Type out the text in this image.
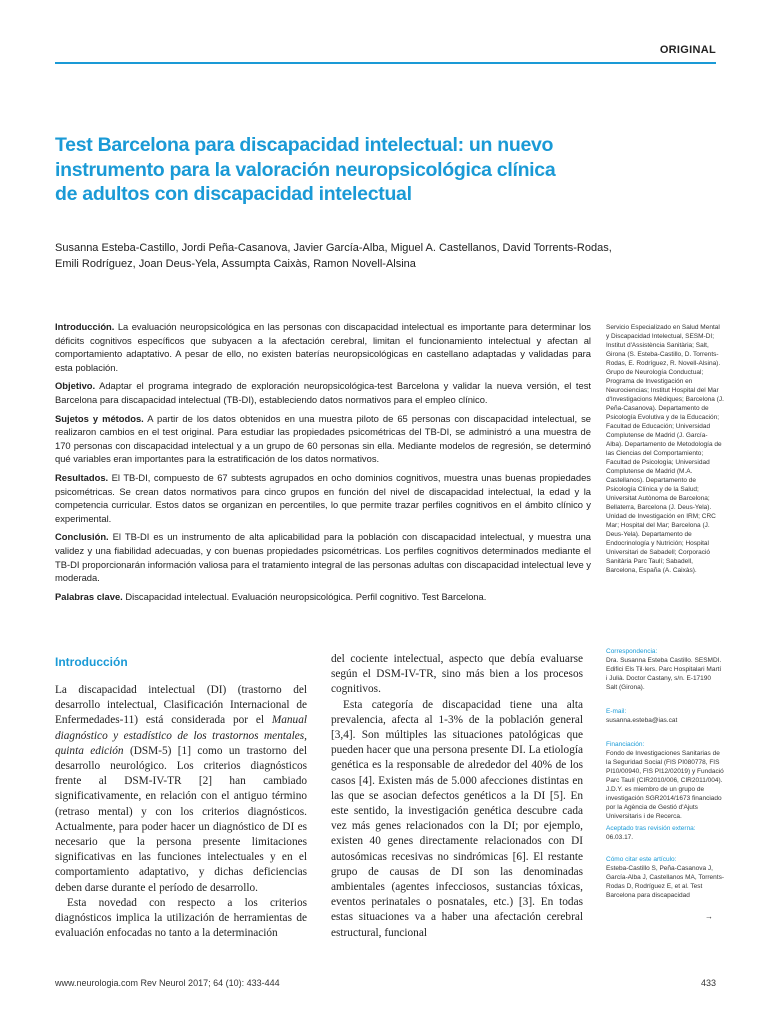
ORIGINAL
Test Barcelona para discapacidad intelectual: un nuevo instrumento para la valoración neuropsicológica clínica de adultos con discapacidad intelectual
Susanna Esteba-Castillo, Jordi Peña-Casanova, Javier García-Alba, Miguel A. Castellanos, David Torrents-Rodas, Emili Rodríguez, Joan Deus-Yela, Assumpta Caixàs, Ramon Novell-Alsina

Introducción. La evaluación neuropsicológica en las personas con discapacidad intelectual es importante para determinar los déficits cognitivos específicos que subyacen a la afectación cerebral, limitan el funcionamiento intelectual y afectan al comportamiento adaptativo. A pesar de ello, no existen baterías neuropsicológicas en castellano adaptadas y validadas para esta población.

Objetivo. Adaptar el programa integrado de exploración neuropsicológica-test Barcelona y validar la nueva versión, el test Barcelona para discapacidad intelectual (TB-DI), estableciendo datos normativos para el empleo clínico.

Sujetos y métodos. A partir de los datos obtenidos en una muestra piloto de 65 personas con discapacidad intelectual, se realizaron cambios en el test original. Para estudiar las propiedades psicométricas del TB-DI, se administró a una muestra de 170 personas con discapacidad intelectual y a un grupo de 60 personas sin ella. Mediante modelos de regresión, se determinó qué variables eran importantes para la estratificación de los datos normativos.

Resultados. El TB-DI, compuesto de 67 subtests agrupados en ocho dominios cognitivos, muestra unas buenas propiedades psicométricas. Se crean datos normativos para cinco grupos en función del nivel de discapacidad intelectual, la edad y la competencia curricular. Estos datos se organizan en percentiles, lo que permite trazar perfiles cognitivos en el ámbito clínico y experimental.

Conclusión. El TB-DI es un instrumento de alta aplicabilidad para la población con discapacidad intelectual, y muestra una validez y una fiabilidad adecuadas, y con buenas propiedades psicométricas. Los perfiles cognitivos determinados mediante el TB-DI proporcionarán información valiosa para el tratamiento integral de las personas adultas con discapacidad intelectual leve y moderada.

Palabras clave. Discapacidad intelectual. Evaluación neuropsicológica. Perfil cognitivo. Test Barcelona.

Servicio Especializado en Salud Mental y Discapacidad Intelectual, SESM-DI; Institut d'Assistència Sanitària; Salt, Girona (S. Esteba-Castillo, D. Torrents-Rodas, E. Rodríguez, R. Novell-Alsina). Grupo de Neurología Conductual; Programa de Investigación en Neurociencias; Institut Hospital del Mar d'Investigacions Mèdiques; Barcelona (J. Peña-Casanova). Departamento de Psicología Evolutiva y de la Educación; Facultad de Educación; Universidad Complutense de Madrid (J. García-Alba). Departamento de Metodología de las Ciencias del Comportamiento; Facultad de Psicología; Universidad Complutense de Madrid (M.A. Castellanos). Departamento de Psicología Clínica y de la Salud; Universitat Autònoma de Barcelona; Bellaterra, Barcelona (J. Deus-Yela). Unidad de Investigación en IRM; CRC Mar; Hospital del Mar; Barcelona (J. Deus-Yela). Departamento de Endocrinología y Nutrición; Hospital Universitari de Sabadell; Corporació Sanitària Parc Taulí; Sabadell, Barcelona, España (A. Caixàs).
Correspondencia:
Dra. Susanna Esteba Castillo. SESMDI. Edifici Els Til·lers. Parc Hospitalari Martí i Julià. Doctor Castany, s/n. E-17190 Salt (Girona).
E-mail:
susanna.esteba@ias.cat
Financiación:
Fondo de Investigaciones Sanitarias de la Seguridad Social (FIS PI080778, FIS PI10/00940, FIS PI12/02019) y Fundació Parc Taulí (CIR2010/006, CIR2011/004). J.D.Y. es miembro de un grupo de investigación SGR2014/1673 financiado por la Agència de Gestió d'Ajuts Universitaris i de Recerca.
Aceptado tras revisión externa:
06.03.17.
Cómo citar este artículo:
Esteba-Castillo S, Peña-Casanova J, García-Alba J, Castellanos MA, Torrents-Rodas D, Rodríguez E, et al. Test Barcelona para discapacidad
→
Introducción

La discapacidad intelectual (DI) (trastorno del desarrollo intelectual, Clasificación Internacional de Enfermedades-11) está considerada por el Manual diagnóstico y estadístico de los trastornos mentales, quinta edición (DSM-5) [1] como un trastorno del desarrollo neurológico. Los criterios diagnósticos frente al DSM-IV-TR [2] han cambiado significativamente, en relación con el antiguo término (retraso mental) y con los criterios diagnósticos. Actualmente, para poder hacer un diagnóstico de DI es necesario que la persona presente limitaciones significativas en las funciones intelectuales y en el comportamiento adaptativo, y dichas deficiencias deben darse durante el período de desarrollo.

Esta novedad con respecto a los criterios diagnósticos implica la utilización de herramientas de evaluación enfocadas no tanto a la determinación

del cociente intelectual, aspecto que debía evaluarse según el DSM-IV-TR, sino más bien a los procesos cognitivos.

Esta categoría de discapacidad tiene una alta prevalencia, afecta al 1-3% de la población general [3,4]. Son múltiples las situaciones patológicas que pueden hacer que una persona presente DI. La etiología genética es la responsable de alrededor del 40% de los casos [4]. Existen más de 5.000 afecciones distintas en las que se asocian defectos genéticos a la DI [5]. En este sentido, la investigación genética descubre cada vez más genes relacionados con la DI; por ejemplo, existen 40 genes directamente relacionados con DI autosómicas recesivas no sindrómicas [6]. El restante grupo de causas de DI son las denominadas ambientales (agentes infecciosos, sustancias tóxicas, eventos perinatales o posnatales, etc.) [3]. En todas estas situaciones va a haber una afectación cerebral estructural, funcional

www.neurologia.com Rev Neurol 2017; 64 (10): 433-444	433
